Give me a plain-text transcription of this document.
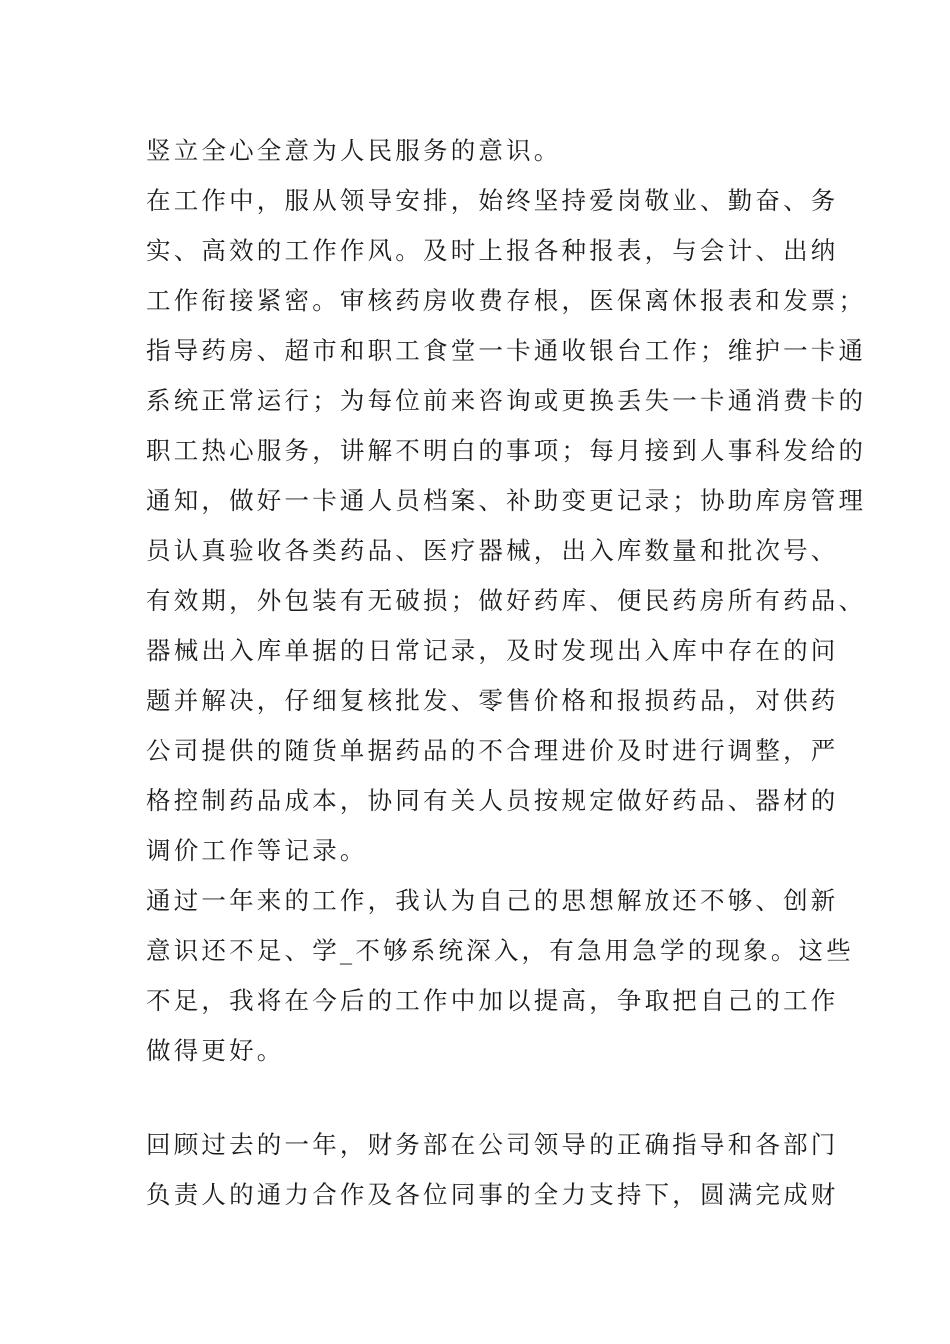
竖立全心全意为人民服务的意识。
在工作中，服从领导安排，始终坚持爱岗敬业、勤奋、务
实、高效的工作作风。及时上报各种报表，与会计、出纳
工作衔接紧密。审核药房收费存根，医保离休报表和发票；
指导药房、超市和职工食堂一卡通收银台工作；维护一卡通
系统正常运行；为每位前来咨询或更换丢失一卡通消费卡的
职工热心服务，讲解不明白的事项；每月接到人事科发给的
通知，做好一卡通人员档案、补助变更记录；协助库房管理
员认真验收各类药品、医疗器械，出入库数量和批次号、
有效期，外包装有无破损；做好药库、便民药房所有药品、
器械出入库单据的日常记录，及时发现出入库中存在的问
题并解决，仔细复核批发、零售价格和报损药品，对供药
公司提供的随货单据药品的不合理进价及时进行调整，严
格控制药品成本，协同有关人员按规定做好药品、器材的
调价工作等记录。
通过一年来的工作，我认为自己的思想解放还不够、创新
意识还不足、学_不够系统深入，有急用急学的现象。这些
不足，我将在今后的工作中加以提高，争取把自己的工作
做得更好。
回顾过去的一年，财务部在公司领导的正确指导和各部门
负责人的通力合作及各位同事的全力支持下，圆满完成财
